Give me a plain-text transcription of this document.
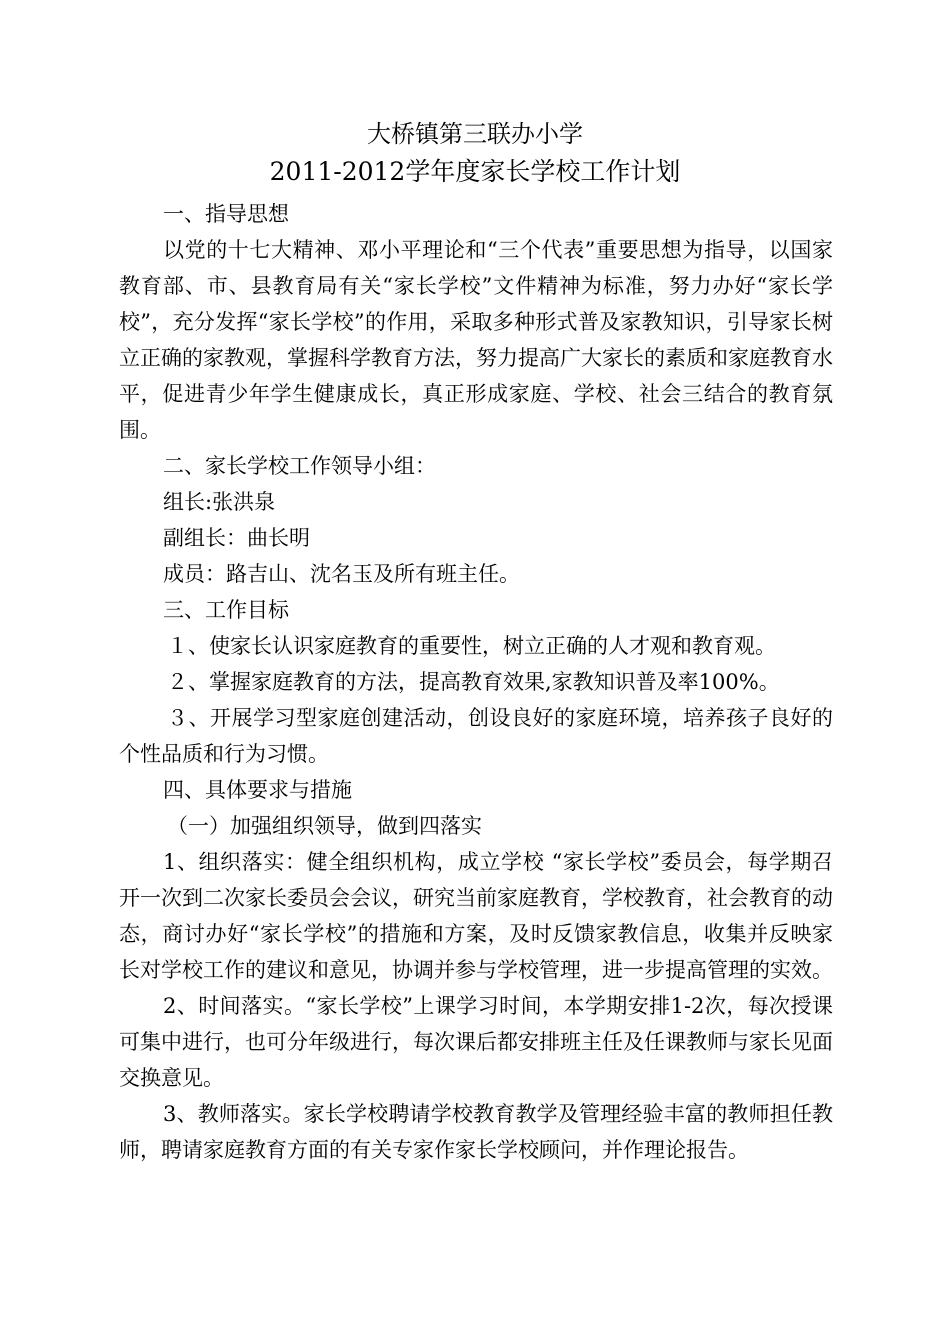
大桥镇第三联办小学
2011-2012学年度家长学校工作计划

一、指导思想

以党的十七大精神、邓小平理论和“三个代表”重要思想为指导，以国家教育部、市、县教育局有关“家长学校”文件精神为标准，努力办好“家长学校”，充分发挥“家长学校”的作用，采取多种形式普及家教知识，引导家长树立正确的家教观，掌握科学教育方法，努力提高广大家长的素质和家庭教育水平，促进青少年学生健康成长，真正形成家庭、学校、社会三结合的教育氛围。

二、家长学校工作领导小组：

组长:张洪泉

副组长：曲长明

成员：路吉山、沈名玉及所有班主任。

三、工作目标

１、使家长认识家庭教育的重要性，树立正确的人才观和教育观。

２、掌握家庭教育的方法，提高教育效果,家教知识普及率100%。

３、开展学习型家庭创建活动，创设良好的家庭环境，培养孩子良好的个性品质和行为习惯。

四、具体要求与措施

（一）加强组织领导，做到四落实

1、组织落实：健全组织机构，成立学校 “家长学校”委员会，每学期召开一次到二次家长委员会会议，研究当前家庭教育，学校教育，社会教育的动态，商讨办好“家长学校”的措施和方案，及时反馈家教信息，收集并反映家长对学校工作的建议和意见，协调并参与学校管理，进一步提高管理的实效。

2、时间落实。“家长学校”上课学习时间，本学期安排1-2次，每次授课可集中进行，也可分年级进行，每次课后都安排班主任及任课教师与家长见面交换意见。

3、教师落实。家长学校聘请学校教育教学及管理经验丰富的教师担任教师，聘请家庭教育方面的有关专家作家长学校顾问，并作理论报告。
